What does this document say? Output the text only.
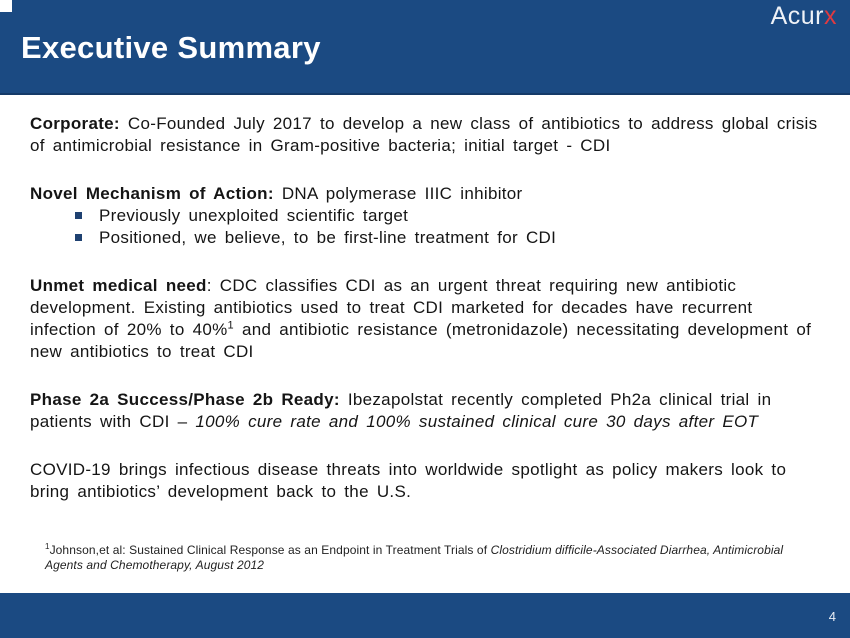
Acurx
Executive Summary

Corporate: Co-Founded July 2017 to develop a new class of antibiotics to address global crisis of antimicrobial resistance in Gram-positive bacteria; initial target - CDI

Novel Mechanism of Action: DNA polymerase IIIC inhibitor

Previously unexploited scientific target
Positioned, we believe, to be first-line treatment for CDI

Unmet medical need: CDC classifies CDI as an urgent threat requiring new antibiotic development. Existing antibiotics used to treat CDI marketed for decades have recurrent infection of 20% to 40%$^1$ and antibiotic resistance (metronidazole) necessitating development of new antibiotics to treat CDI

Phase 2a Success/Phase 2b Ready: Ibezapolstat recently completed Ph2a clinical trial in patients with CDI – 100% cure rate and 100% sustained clinical cure 30 days after EOT

COVID-19 brings infectious disease threats into worldwide spotlight as policy makers look to bring antibiotics’ development back to the U.S.

$^1$Johnson,et al: Sustained Clinical Response as an Endpoint in Treatment Trials of Clostridium difficile-Associated Diarrhea, Antimicrobial Agents and Chemotherapy, August 2012
4
